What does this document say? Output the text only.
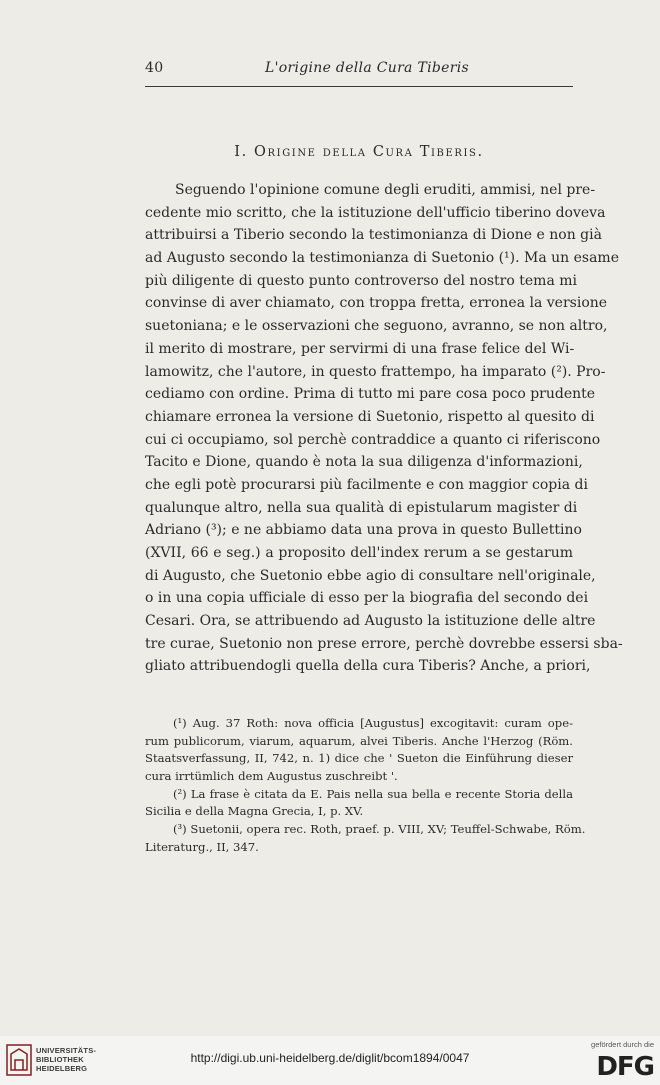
40	L'origine della Cura Tiberis
I. Origine della Cura Tiberis.
Seguendo l'opinione comune degli eruditi, ammisi, nel pre-
cedente mio scritto, che la istituzione dell'ufficio tiberino doveva
attribuirsi a Tiberio secondo la testimonianza di Dione e non già
ad Augusto secondo la testimonianza di Suetonio (¹). Ma un esame
più diligente di questo punto controverso del nostro tema mi
convinse di aver chiamato, con troppa fretta, erronea la versione
suetoniana; e le osservazioni che seguono, avranno, se non altro,
il merito di mostrare, per servirmi di una frase felice del Wi-
lamowitz, che l'autore, in questo frattempo, ha imparato (²). Pro-
cediamo con ordine. Prima di tutto mi pare cosa poco prudente
chiamare erronea la versione di Suetonio, rispetto al quesito di
cui ci occupiamo, sol perchè contraddice a quanto ci riferiscono
Tacito e Dione, quando è nota la sua diligenza d'informazioni,
che egli potè procurarsi più facilmente e con maggior copia di
qualunque altro, nella sua qualità di epistularum magister di
Adriano (³); e ne abbiamo data una prova in questo Bullettino
(XVII, 66 e seg.) a proposito dell'index rerum a se gestarum
di Augusto, che Suetonio ebbe agio di consultare nell'originale,
o in una copia ufficiale di esso per la biografia del secondo dei
Cesari. Ora, se attribuendo ad Augusto la istituzione delle altre
tre curae, Suetonio non prese errore, perchè dovrebbe essersi sba-
gliato attribuendogli quella della cura Tiberis? Anche, a priori,
(¹) Aug. 37 Roth: nova officia [Augustus] excogitavit: curam ope-
rum publicorum, viarum, aquarum, alvei Tiberis. Anche l'Herzog (Röm.
Staatsverfassung, II, 742, n. 1) dice che ' Sueton die Einführung dieser
cura irrtümlich dem Augustus zuschreibt '.
(²) La frase è citata da E. Pais nella sua bella e recente Storia della
Sicilia e della Magna Grecia, I, p. XV.
(³) Suetonii, opera rec. Roth, praef. p. VIII, XV; Teuffel-Schwabe, Röm.
Literaturg., II, 347.
UNIVERSITÄTS-
BIBLIOTHEK
HEIDELBERG
http://digi.ub.uni-heidelberg.de/diglit/bcom1894/0047
gefördert durch die
DFG
